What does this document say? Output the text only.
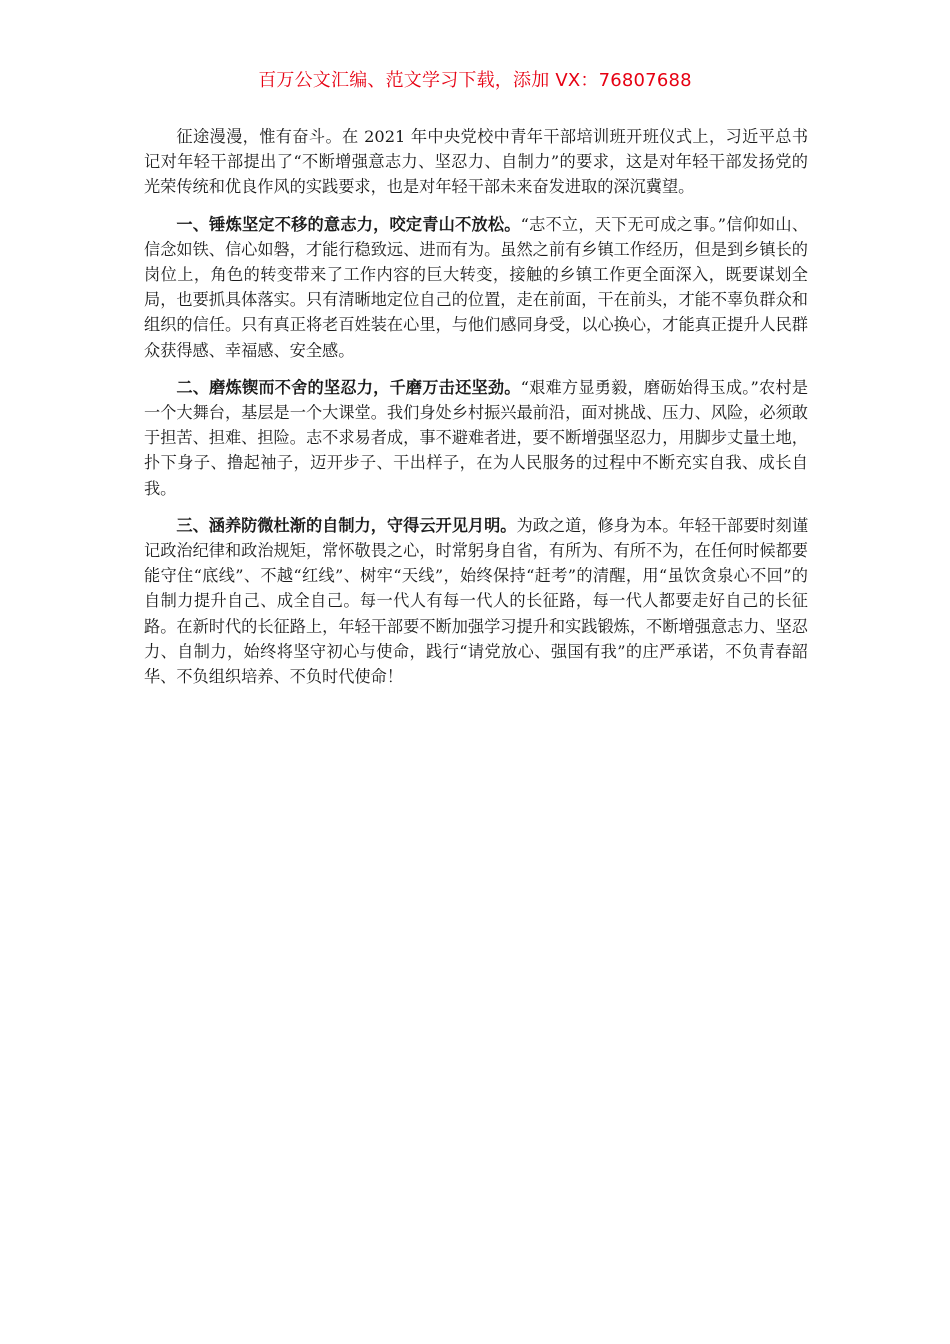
百万公文汇编、范文学习下载，添加 VX：76807688

征途漫漫，惟有奋斗。在 2021 年中央党校中青年干部培训班开班仪式上，习近平总书记对年轻干部提出了“不断增强意志力、坚忍力、自制力”的要求，这是对年轻干部发扬党的光荣传统和优良作风的实践要求，也是对年轻干部未来奋发进取的深沉冀望。

一、锤炼坚定不移的意志力，咬定青山不放松。“志不立，天下无可成之事。”信仰如山、信念如铁、信心如磐，才能行稳致远、进而有为。虽然之前有乡镇工作经历，但是到乡镇长的岗位上，角色的转变带来了工作内容的巨大转变，接触的乡镇工作更全面深入，既要谋划全局，也要抓具体落实。只有清晰地定位自己的位置，走在前面，干在前头，才能不辜负群众和组织的信任。只有真正将老百姓装在心里，与他们感同身受，以心换心，才能真正提升人民群众获得感、幸福感、安全感。

二、磨炼锲而不舍的坚忍力，千磨万击还坚劲。“艰难方显勇毅，磨砺始得玉成。”农村是一个大舞台，基层是一个大课堂。我们身处乡村振兴最前沿，面对挑战、压力、风险，必须敢于担苦、担难、担险。志不求易者成，事不避难者进，要不断增强坚忍力，用脚步丈量土地，扑下身子、撸起袖子，迈开步子、干出样子，在为人民服务的过程中不断充实自我、成长自我。

三、涵养防微杜渐的自制力，守得云开见月明。为政之道，修身为本。年轻干部要时刻谨记政治纪律和政治规矩，常怀敬畏之心，时常躬身自省，有所为、有所不为，在任何时候都要能守住“底线”、不越“红线”、树牢“天线”，始终保持“赶考”的清醒，用“虽饮贪泉心不回”的自制力提升自己、成全自己。每一代人有每一代人的长征路，每一代人都要走好自己的长征路。在新时代的长征路上，年轻干部要不断加强学习提升和实践锻炼，不断增强意志力、坚忍力、自制力，始终将坚守初心与使命，践行“请党放心、强国有我”的庄严承诺，不负青春韶华、不负组织培养、不负时代使命！
